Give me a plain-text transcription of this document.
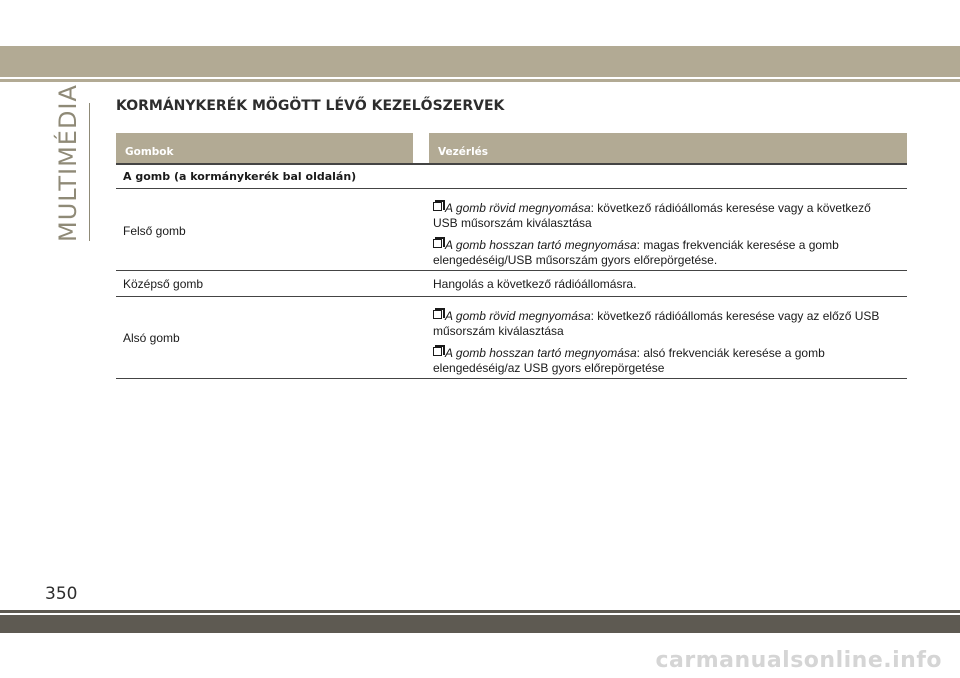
MULTIMÉDIA KORMÁNYKERÉK MÖGÖTT LÉVŐ KEZELŐSZERVEK
Gombok	Vezérlés
A gomb (a kormánykerék bal oldalán)
Felső gomb

A gomb rövid megnyomása: következő rádióállomás keresése vagy a következő USB műsorszám kiválasztása

A gomb hosszan tartó megnyomása: magas frekvenciák keresése a gomb elengedéséig/USB műsorszám gyors előrepörgetése.

Középső gomb	Hangolás a következő rádióállomásra.
Alsó gomb

A gomb rövid megnyomása: következő rádióállomás keresése vagy az előző USB műsorszám kiválasztása

A gomb hosszan tartó megnyomása: alsó frekvenciák keresése a gomb elengedéséig/az USB gyors előrepörgetése

350
carmanualsonline.info
